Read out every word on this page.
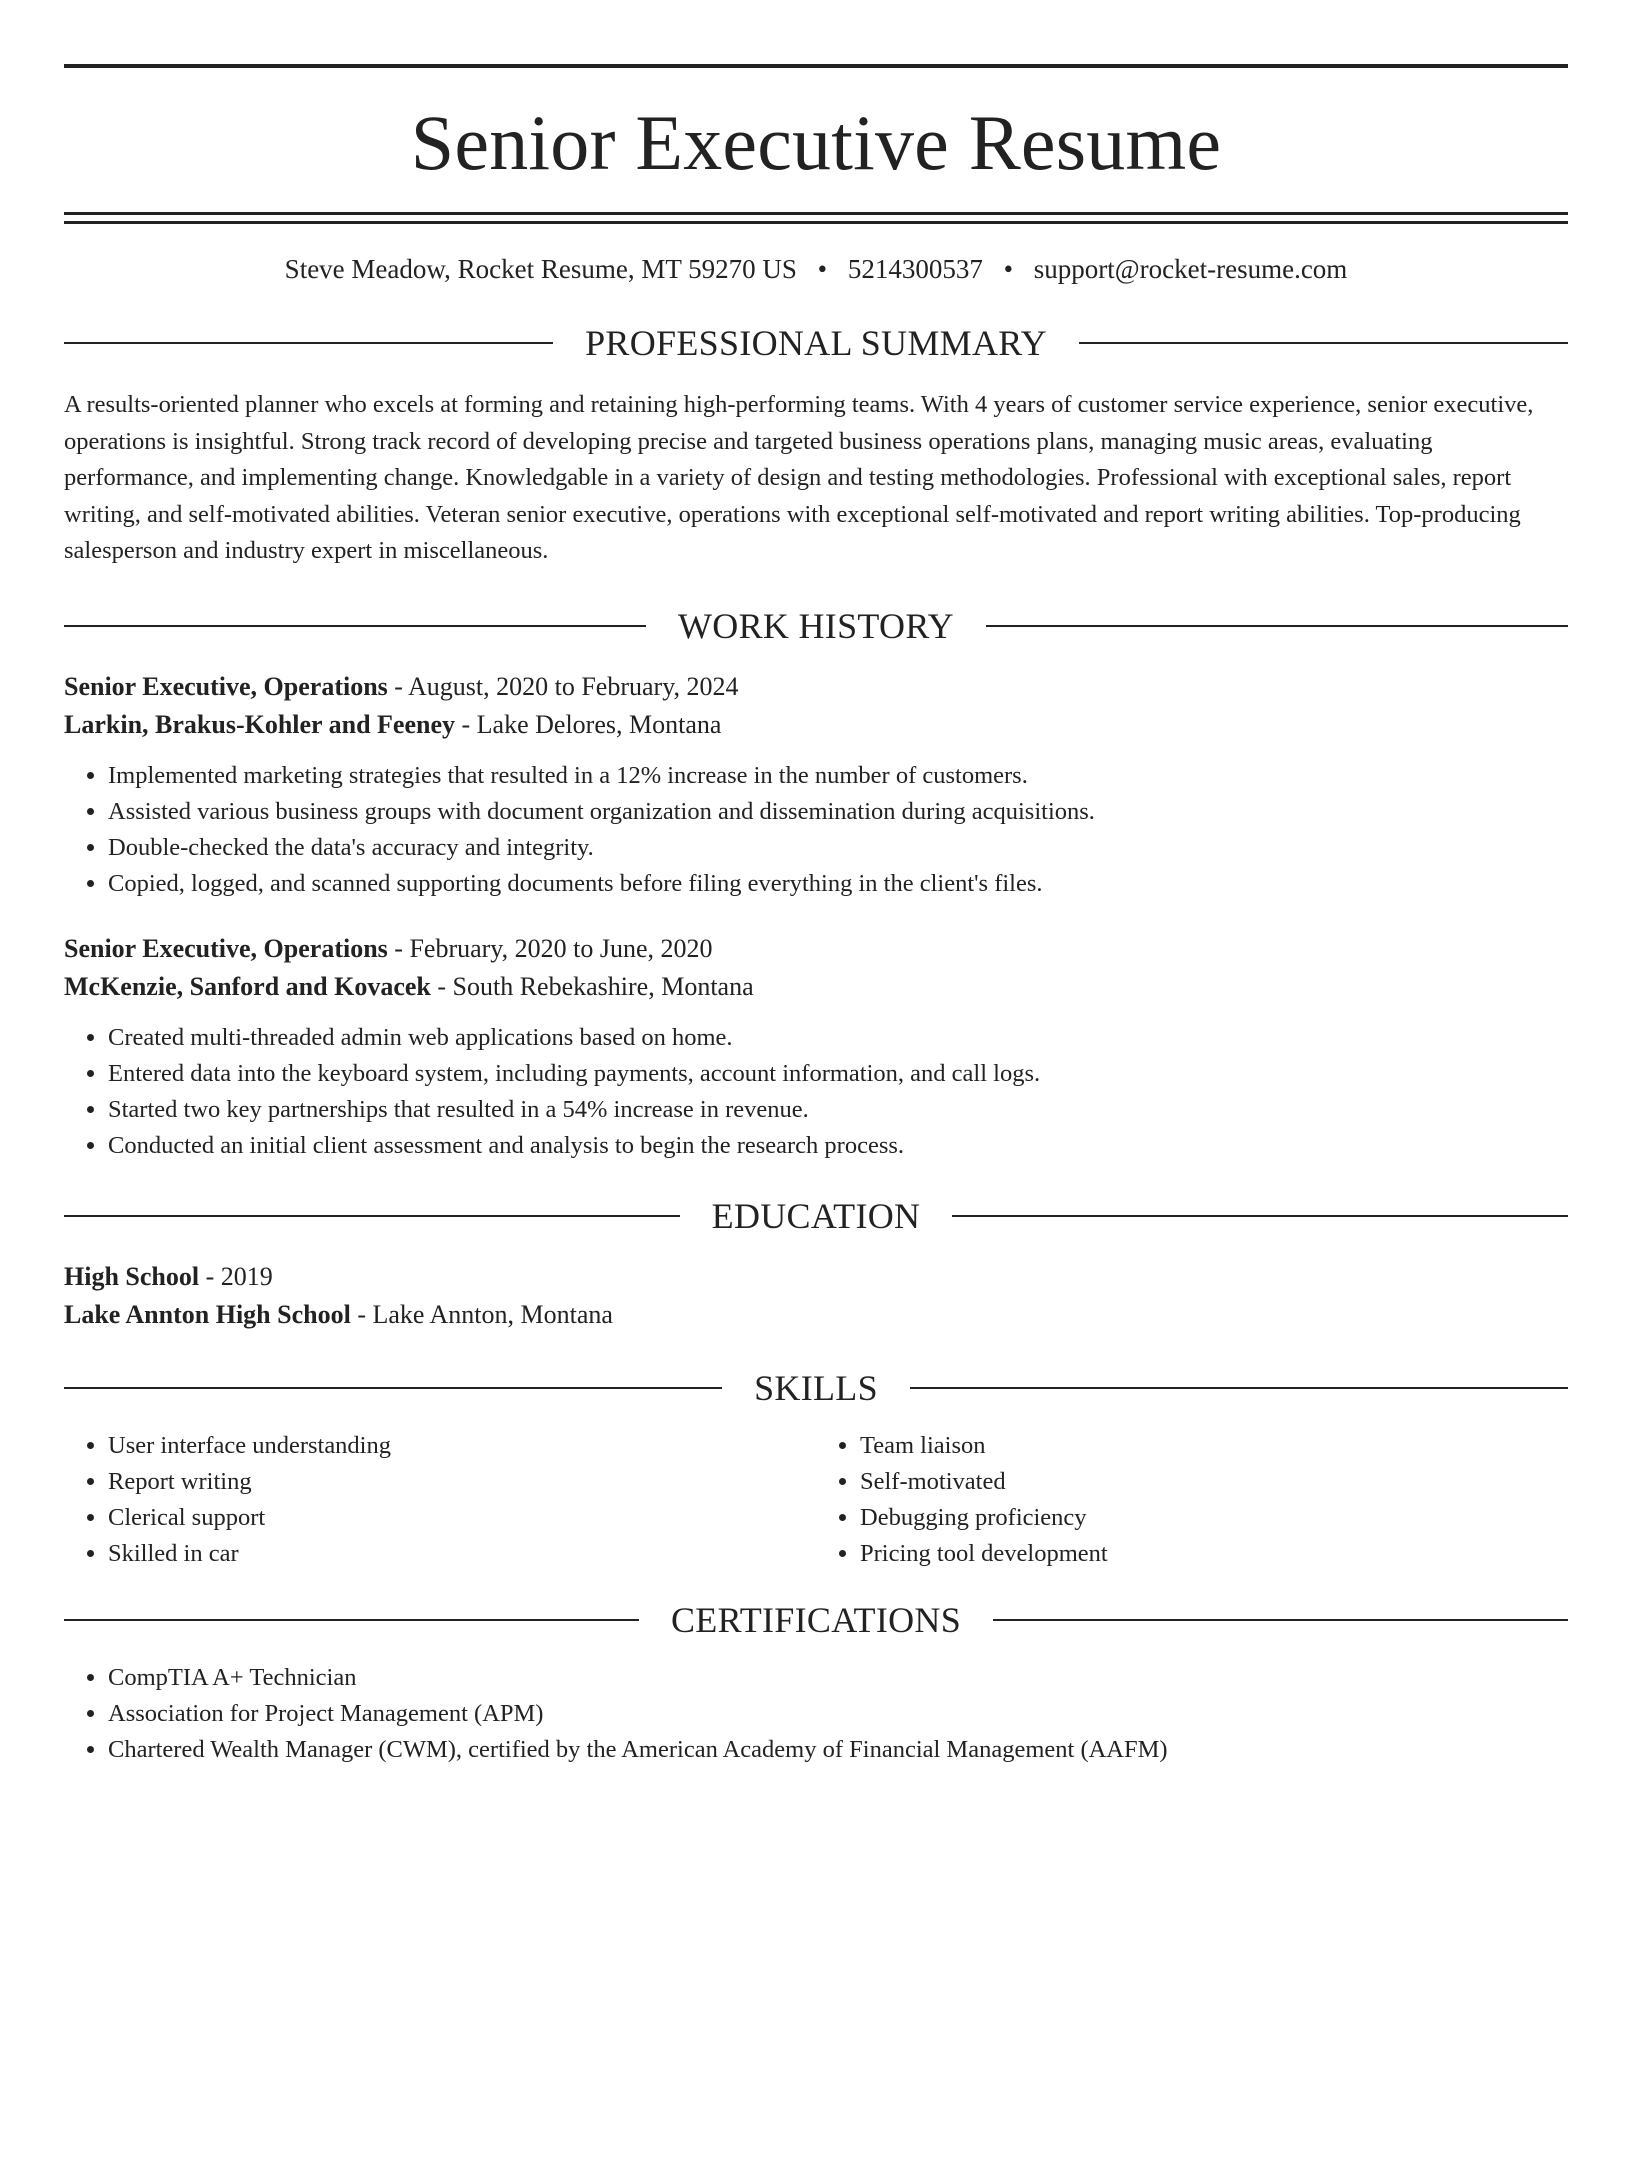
Senior Executive Resume
Steve Meadow, Rocket Resume, MT 59270 US • 5214300537 • support@rocket-resume.com
PROFESSIONAL SUMMARY

A results-oriented planner who excels at forming and retaining high-performing teams. With 4 years of customer service experience, senior executive, operations is insightful. Strong track record of developing precise and targeted business operations plans, managing music areas, evaluating performance, and implementing change. Knowledgable in a variety of design and testing methodologies. Professional with exceptional sales, report writing, and self-motivated abilities. Veteran senior executive, operations with exceptional self-motivated and report writing abilities. Top-producing salesperson and industry expert in miscellaneous.

WORK HISTORY
Senior Executive, Operations - August, 2020 to February, 2024
Larkin, Brakus-Kohler and Feeney - Lake Delores, Montana
• Implemented marketing strategies that resulted in a 12% increase in the number of customers.
• Assisted various business groups with document organization and dissemination during acquisitions.
• Double-checked the data's accuracy and integrity.
• Copied, logged, and scanned supporting documents before filing everything in the client's files.
Senior Executive, Operations - February, 2020 to June, 2020
McKenzie, Sanford and Kovacek - South Rebekashire, Montana
• Created multi-threaded admin web applications based on home.
• Entered data into the keyboard system, including payments, account information, and call logs.
• Started two key partnerships that resulted in a 54% increase in revenue.
• Conducted an initial client assessment and analysis to begin the research process.
EDUCATION
High School - 2019
Lake Annton High School - Lake Annton, Montana
SKILLS
• User interface understanding
• Report writing
• Clerical support
• Skilled in car
• Team liaison
• Self-motivated
• Debugging proficiency
• Pricing tool development
CERTIFICATIONS
• CompTIA A+ Technician
• Association for Project Management (APM)
• Chartered Wealth Manager (CWM), certified by the American Academy of Financial Management (AAFM)
